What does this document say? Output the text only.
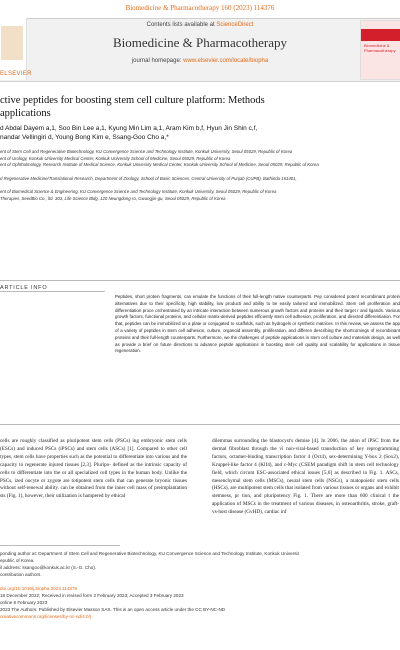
Biomedicine & Pharmacotherapy 160 (2023) 114376
ELSEVIER
Contents lists available at ScienceDirect
Biomedicine & Pharmacotherapy
journal homepage: www.elsevier.com/locate/biopha
Biomedicine & Pharmacotherapy
ctive peptides for boosting stem cell culture platform: Methods
applications
d Abdal Dayem a,1, Soo Bin Lee a,1, Kyung Min Lim a,1, Aram Kim b,f, Hyun Jin Shin c,f,
nandar Vellingiri d, Young Bong Kim e, Ssang-Goo Cho a,*

ent of Stem Cell and Regenerative Biotechnology, KU Convergence Science and Technology Institute, Konkuk University, Seoul 05029, Republic of Korea

ent of Urology, Konkuk University Medical Center, Konkuk University School of Medicine, Seoul 05029, Republic of Korea

ent of Ophthalmology, Research Institute of Medical Science, Konkuk University Medical Center, Konkuk University School of Medicine, Seoul 05029, Republic of Korea

d Regenerative Medicine/Translational Research, Department of Zoology, School of Basic Sciences, Central University of Punjab (CUPB), Bathinda 151401,

ent of Biomedical Science & Engineering, KU Convergence Science and Technology Institute, Konkuk University, Seoul 05029, Republic of Korea

Therapies, SeedBio Co., ltd. 303, Life Science Bldg, 120 Neungdong-ro, Gwangjin-gu, Seoul 05029, Republic of Korea

ARTICLE INFO

Peptides, short protein fragments, can emulate the functions of their full-length native counterparts. Pep considered potent recombinant protein alternatives due to their specificity, high stability, low producti and ability to be easily tailored and immobilized. Stem cell proliferation and differentiation proce orchestrated by an intricate interaction between numerous growth factors and proteins and their target r and ligands. Various growth factors, functional proteins, and cellular matrix-derived peptides efficiently stem cell adhesion, proliferation, and directed differentiation. For that, peptides can be immobilized on a plate or conjugated to scaffolds, such as hydrogels or synthetic matrices. In this review, we assess the app of a variety of peptides in stem cell adhesion, culture, organoid assembly, proliferation, and differen describing the shortcomings of recombinant proteins and their full-length counterparts. Furthermore, we the challenges of peptide applications in stem cell culture and materials design, as well as provide a brief on future directions to advance peptide applications in boosting stem cell quality and scalability for applications in tissue regeneration.

cells are roughly classified as pluripotent stem cells (PSCs) ing embryonic stem cells (ESCs) and induced PSCs (iPSCs) and stem cells (ASCs) [1]. Compared to other cell types, stem cells have properties such as the potential to differentiate into various and the capacity to regenerate injured tissues [2,3]. Pluripo- defined as the intrinsic capacity of cells to differentiate into the or all specialized cell types in the human body. Unlike the PSCs, ized oocyte or zygote are totipotent stem cells that can generate bryonic tissues without self-renewal ability. can be obtained from the inner cell mass of preimplantation sts (Fig. 1), however, their utilization is hampered by ethical

dilemmas surrounding the blastocyst's demise [4]. In 2006, the ation of iPSC from the dermal fibroblast through the vi non-viral-based transduction of key reprogramming factors, octamer-binding transcription factor 4 (Oct4), sex-determining Y-box 2 (Sox2), Kruppel-like factor 4 (Klf4), and c-Myc (CSEM paradigm shift in stem cell technology field, which circum ESC-associated ethical issues [5,6] as described in Fig. 1. ASCs, mesenchymal stem cells (MSCs), neural stem cells (NSCs), a matopoietic stem cells (HSCs), are multipotent stem cells that isolated from various tissues or organs and exhibit stemness, pr tion, and pluripotency Fig. 1. There are more than 600 clinical t the application of MSCs in the treatment of various diseases, in osteoarthritis, stroke, graft-vs-host disease (GvHD), cardiac inf

ponding author at: Department of Stem Cell and Regenerative Biotechnology, KU Convergence Science and Technology Institute, Konkuk Universit

epublic of Korea.

il address: ssangoo@konkuk.ac.kr (S.-G. Cho).

contribution authors.

doi.org/10.1016/j.biopha.2023.114376

18 December 2022; Received in revised form 2 February 2023; Accepted 3 February 2023

online 8 February 2023

2023 The Authors. Published by Elsevier Masson SAS. This is an open access article under the CC BY-NC-ND

creativecommons.org/licenses/by-nc-nd/4.0/).
